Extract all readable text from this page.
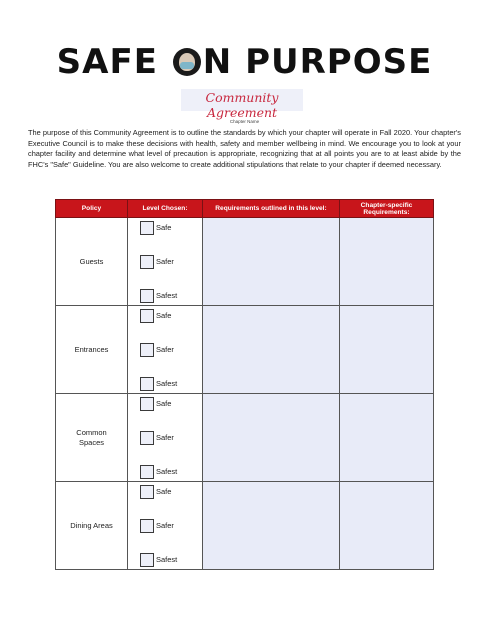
SAFE N PURPOSE
Community Agreement
Chapter Name

The purpose of this Community Agreement is to outline the standards by which your chapter will operate in Fall 2020. Your chapter's Executive Council is to make these decisions with health, safety and member wellbeing in mind. We encourage you to look at your chapter facility and determine what level of precaution is appropriate, recognizing that at all points you are to at least abide by the FHC's "Safe" Guideline. You are also welcome to create additional stipulations that relate to your chapter if deemed necessary.

Policy	Level Chosen:	Requirements outlined in this level:	Chapter-specific Requirements:
Guests	Safe
Safer
Safest		

Entrances	Safe
Safer
Safest		

Common Spaces	Safe
Safer
Safest		

Dining Areas	Safe
Safer
Safest		
